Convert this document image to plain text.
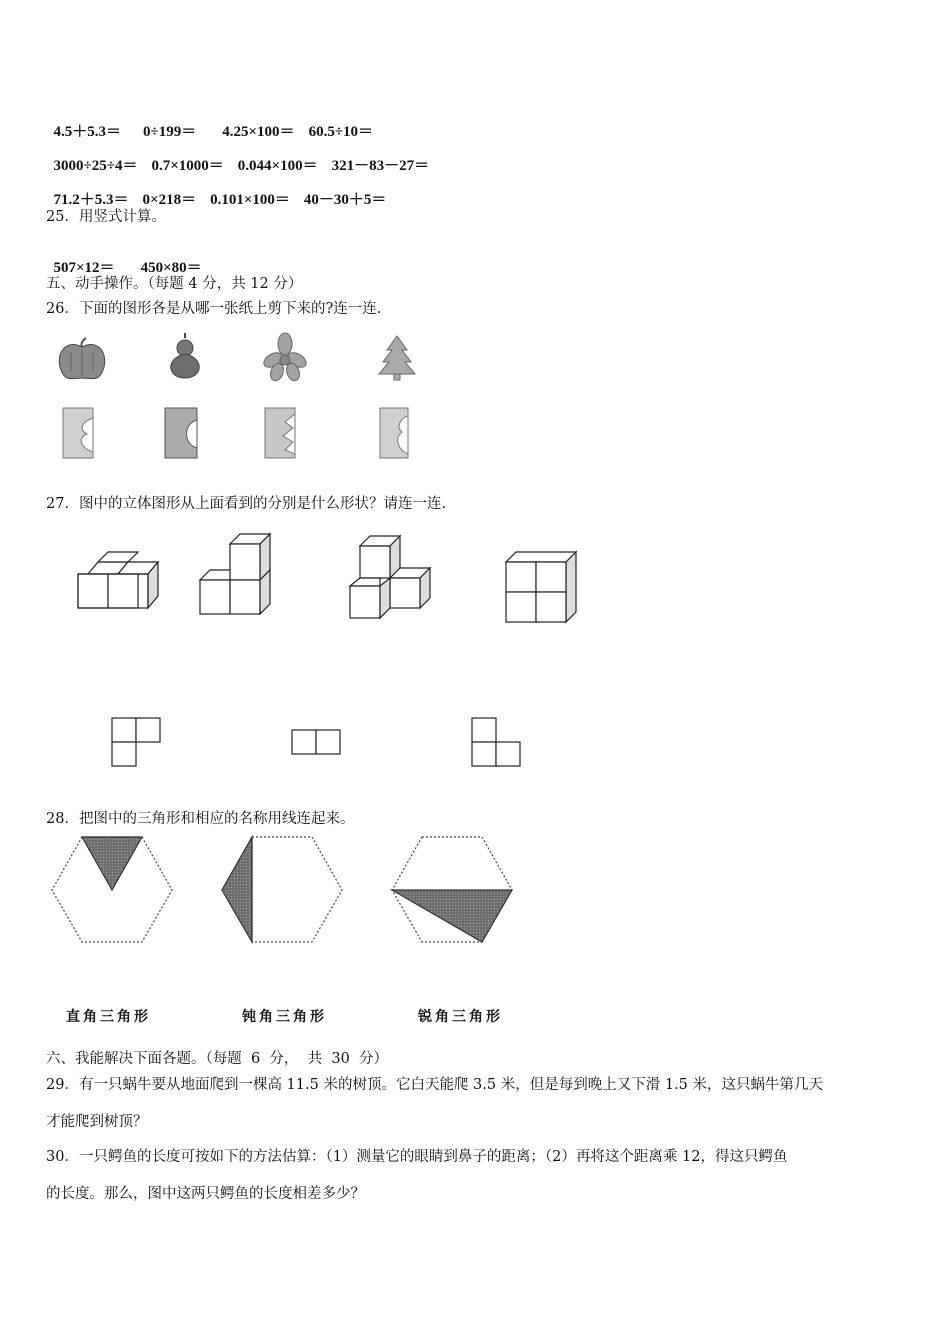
4.5＋5.3＝ 0÷199＝ 4.25×100＝ 60.5÷10＝

3000÷25÷4＝ 0.7×1000＝ 0.044×100＝ 321－83－27＝

71.2＋5.3＝ 0×218＝ 0.101×100＝ 40－30＋5＝

25．用竖式计算。

507×12＝ 450×80＝

五、动手操作。（每题 4 分，共 12 分）
26．下面的图形各是从哪一张纸上剪下来的?连一连.
27．图中的立体图形从上面看到的分别是什么形状？请连一连.
28．把图中的三角形和相应的名称用线连起来。
直角三角形	钝角三角形	锐角三角形
六、我能解决下面各题。（每题  6  分，  共  30  分）
29．有一只蜗牛要从地面爬到一棵高 11.5 米的树顶。它白天能爬 3.5 米，但是每到晚上又下滑 1.5 米，这只蜗牛第几天
才能爬到树顶？
30．一只鳄鱼的长度可按如下的方法估算：（1）测量它的眼睛到鼻子的距离；（2）再将这个距离乘 12，得这只鳄鱼
的长度。那么，图中这两只鳄鱼的长度相差多少？
